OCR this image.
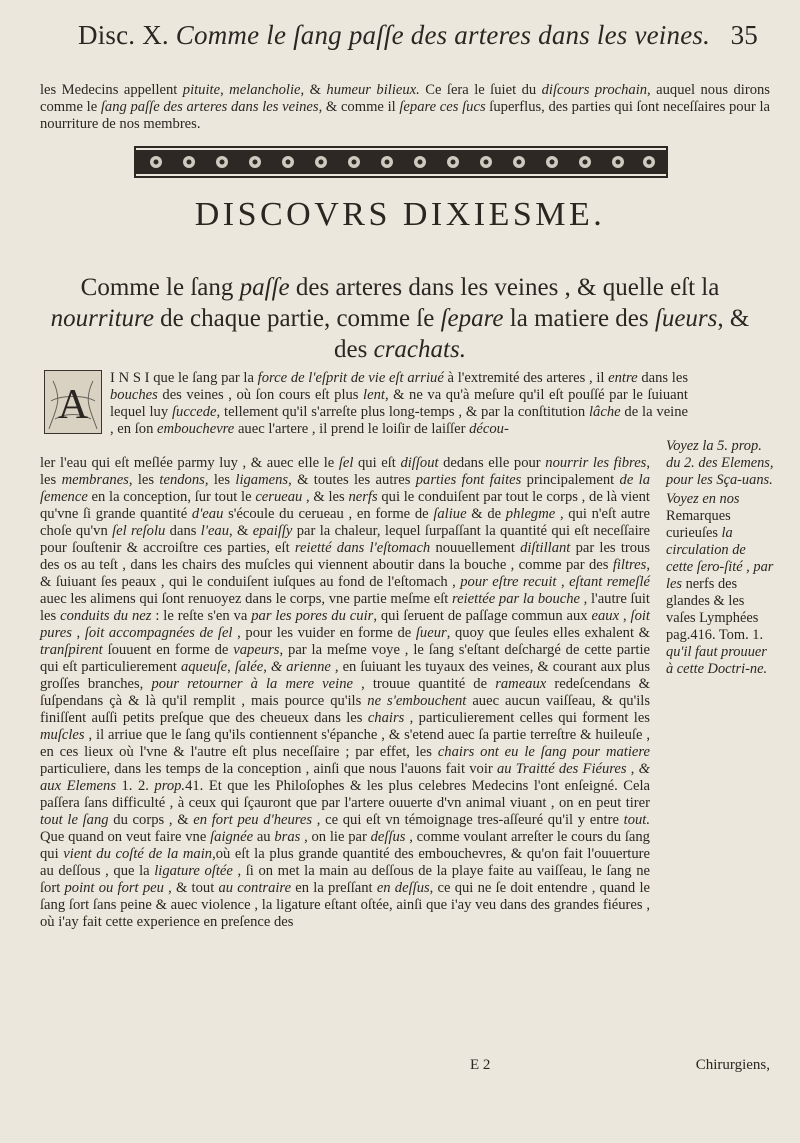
Disc. X. Comme le ſang paſſe des arteres dans les veines. 35
les Medecins appellent pituite, melancholie, & humeur bilieux. Ce ſera le ſuiet du diſcours prochain, auquel nous dirons comme le ſang paſſe des arteres dans les veines, & comme il ſepare ces ſucs ſuperflus, des parties qui ſont neceſſaires pour la nourriture de nos membres.
DISCOVRS DIXIESME.
Comme le ſang paſſe des arteres dans les veines , & quelle eſt la nourriture de chaque partie, comme ſe ſepare la matiere des ſueurs, & des crachats.
A
I N S I que le ſang par la force de l'eſprit de vie eſt arriué à l'extremité des arteres , il entre dans les bouches des veines , où ſon cours eſt plus lent, & ne va qu'à meſure qu'il eſt pouſſé par le ſuiuant lequel luy ſuccede, tellement qu'il s'arreſte plus long-temps , & par la conſtitution lâche de la veine , en ſon embouchevre auec l'artere , il prend le loiſir de laiſſer décou-
ler l'eau qui eſt meſlée parmy luy , & auec elle le ſel qui eſt diſſout dedans elle pour nourrir les fibres, les membranes, les tendons, les ligamens, & toutes les autres parties font faites principalement de la ſemence en la conception, ſur tout le cerueau , & les nerfs qui le conduiſent par tout le corps , de là vient qu'vne ſi grande quantité d'eau s'écoule du cerueau , en forme de ſaliue & de phlegme , qui n'eſt autre choſe qu'vn ſel reſolu dans l'eau, & epaiſſy par la chaleur, lequel ſurpaſſant la quantité qui eſt neceſſaire pour ſouſtenir & accroiſtre ces parties, eſt reietté dans l'eſtomach nouuellement diſtillant par les trous des os au teſt , dans les chairs des muſcles qui viennent aboutir dans la bouche , comme par des filtres, & ſuiuant ſes peaux , qui le conduiſent iuſques au fond de l'eſtomach , pour eſtre recuit , eſtant remeſlé auec les alimens qui ſont renuoyez dans le corps, vne partie meſme eſt reiettée par la bouche , l'autre ſuit les conduits du nez : le reſte s'en va par les pores du cuir, qui ſeruent de paſſage commun aux eaux , ſoit pures , ſoit accompagnées de ſel , pour les vuider en forme de ſueur, quoy que ſeules elles exhalent & tranſpirent ſouuent en forme de vapeurs, par la meſme voye , le ſang s'eſtant deſchargé de cette partie qui eſt particulierement aqueuſe, ſalée, & arienne , en ſuiuant les tuyaux des veines, & courant aux plus groſſes branches, pour retourner à la mere veine , trouue quantité de rameaux redeſcendans & ſuſpendans çà & là qu'il remplit , mais pource qu'ils ne s'embouchent auec aucun vaiſſeau, & qu'ils finiſſent auſſi petits preſque que des cheueux dans les chairs , particulierement celles qui forment les muſcles , il arriue que le ſang qu'ils contiennent s'épanche , & s'etend auec ſa partie terreſtre & huileuſe , en ces lieux où l'vne & l'autre eſt plus neceſſaire ; par effet, les chairs ont eu le ſang pour matiere particuliere, dans les temps de la conception , ainſi que nous l'auons fait voir au Traitté des Fiéures , & aux Elemens 1. 2. prop.41. Et que les Philoſophes & les plus celebres Medecins l'ont enſeigné. Cela paſſera ſans difficulté , à ceux qui ſçauront que par l'artere ouuerte d'vn animal viuant , on en peut tirer tout le ſang du corps , & en fort peu d'heures , ce qui eſt vn témoignage tres-aſſeuré qu'il y entre tout. Que quand on veut faire vne ſaignée au bras , on lie par deſſus , comme voulant arreſter le cours du ſang qui vient du coſté de la main,où eſt la plus grande quantité des embouchevres, & qu'on fait l'ouuerture au deſſous , que la ligature oſtée , ſi on met la main au deſſous de la playe faite au vaiſſeau, le ſang ne ſort point ou fort peu , & tout au contraire en la preſſant en deſſus, ce qui ne ſe doit entendre , quand le ſang ſort ſans peine & auec violence , la ligature eſtant oſtée, ainſi que i'ay veu dans des grandes fiéures , où i'ay fait cette experience en preſence des
Voyez la 5. prop. du 2. des Elemens, pour les Sça-uans.
Voyez en nos
Remarques curieuſes la circulation de cette ſero-ſité , par les nerfs des glandes & les vaſes Lymphées pag.416. Tom. 1.
qu'il faut prouuer à cette Doctri-ne.
E 2	Chirurgiens,
